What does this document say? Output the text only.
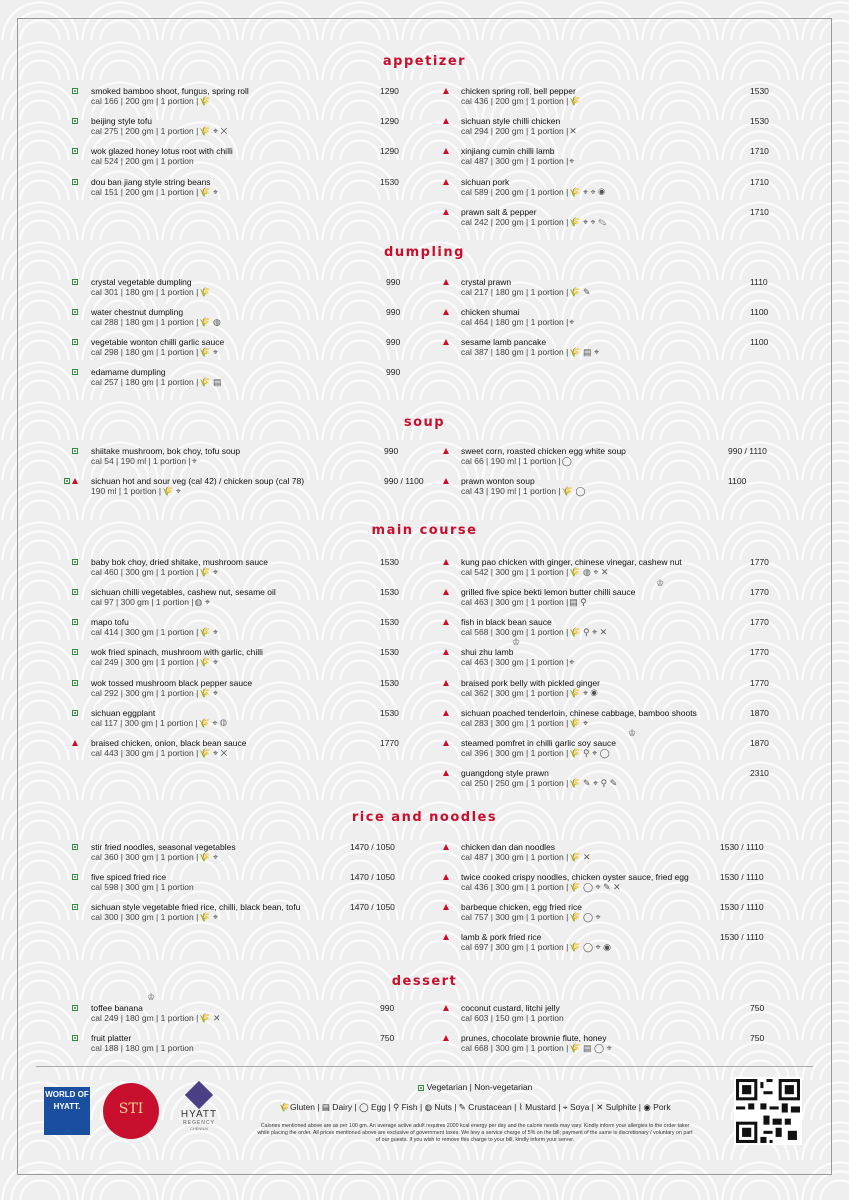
appetizer
dumpling
soup
main course
rice and noodles
dessert
smoked bamboo shoot, fungus, spring roll
cal 166 | 200 gm | 1 portion |🌾
1290
beijing style tofu
cal 275 | 200 gm | 1 portion |🌾 ⌖ ✕
1290
wok glazed honey lotus root with chilli
cal 524 | 200 gm | 1 portion
1290
dou ban jiang style string beans
cal 151 | 200 gm | 1 portion |🌾 ⌖
1530
chicken spring roll, bell pepper
cal 436 | 200 gm | 1 portion |🌾
1530
sichuan style chilli chicken
cal 294 | 200 gm | 1 portion |✕
1530
xinjiang cumin chilli lamb
cal 487 | 300 gm | 1 portion |⌖
1710
sichuan pork
cal 589 | 200 gm | 1 portion |🌾 ⌖ ⌖ ◉
1710
prawn salt & pepper
cal 242 | 200 gm | 1 portion |🌾 ⌖ ⌖ ✎
1710
crystal vegetable dumpling
cal 301 | 180 gm | 1 portion |🌾
990
water chestnut dumpling
cal 288 | 180 gm | 1 portion |🌾 ◍
990
vegetable wonton chilli garlic sauce
cal 298 | 180 gm | 1 portion |🌾 ⌖
990
edamame dumpling
cal 257 | 180 gm | 1 portion |🌾 ▤
990
crystal prawn
cal 217 | 180 gm | 1 portion |🌾 ✎
1110
chicken shumai
cal 464 | 180 gm | 1 portion |⌖
1100
sesame lamb pancake
cal 387 | 180 gm | 1 portion |🌾 ▤ ⌖
1100
shiitake mushroom, bok choy, tofu soup
cal 54 | 190 ml | 1 portion |⌖
990
sichuan hot and sour veg (cal 42) / chicken soup (cal 78)
190 ml | 1 portion |🌾 ⌖
990 / 1100
sweet corn, roasted chicken egg white soup
cal 66 | 190 ml | 1 portion |◯
990 / 1110
prawn wonton soup
cal 43 | 190 ml | 1 portion |🌾 ◯
1100
baby bok choy, dried shitake, mushroom sauce
cal 460 | 300 gm | 1 portion |🌾 ⌖
1530
sichuan chilli vegetables, cashew nut, sesame oil
cal 97 | 300 gm | 1 portion |◍ ⌖
1530
mapo tofu
cal 414 | 300 gm | 1 portion |🌾 ⌖
1530
wok fried spinach, mushroom with garlic, chilli
cal 249 | 300 gm | 1 portion |🌾 ⌖
1530
wok tossed mushroom black pepper sauce
cal 292 | 300 gm | 1 portion |🌾 ⌖
1530
sichuan eggplant
cal 117 | 300 gm | 1 portion |🌾 ⌖ ◍
1530
braised chicken, onion, black bean sauce
cal 443 | 300 gm | 1 portion |🌾 ⌖ ✕
1770
kung pao chicken with ginger, chinese vinegar, cashew nut
cal 542 | 300 gm | 1 portion |🌾 ◍ ⌖ ✕
1770
grilled five spice bekti lemon butter chilli sauce
cal 463 | 300 gm | 1 portion |▤ ⚲
1770
fish in black bean sauce
cal 568 | 300 gm | 1 portion |🌾 ⚲ ⌖ ✕
1770
shui zhu lamb
cal 463 | 300 gm | 1 portion |⌖
1770
braised pork belly with pickled ginger
cal 362 | 300 gm | 1 portion |🌾 ⌖ ◉
1770
sichuan poached tenderloin, chinese cabbage, bamboo shoots
cal 283 | 300 gm | 1 portion |🌾 ⌖
1870
steamed pomfret in chilli garlic soy sauce
cal 396 | 300 gm | 1 portion |🌾 ⚲ ⌖ ◯
1870
guangdong style prawn
cal 250 | 250 gm | 1 portion |🌾 ✎ ⌖ ⚲ ✎
2310
stir fried noodles, seasonal vegetables
cal 360 | 300 gm | 1 portion |🌾 ⌖
1470 / 1050
five spiced fried rice
cal 598 | 300 gm | 1 portion
1470 / 1050
sichuan style vegetable fried rice, chilli, black bean, tofu
cal 300 | 300 gm | 1 portion |🌾 ⌖
1470 / 1050
chicken dan dan noodles
cal 487 | 300 gm | 1 portion |🌾 ✕
1530 / 1110
twice cooked crispy noodles, chicken oyster sauce, fried egg
cal 436 | 300 gm | 1 portion |🌾 ◯ ⌖ ✎ ✕
1530 / 1110
barbeque chicken, egg fried rice
cal 757 | 300 gm | 1 portion |🌾 ◯ ⌖
1530 / 1110
lamb & pork fried rice
cal 697 | 300 gm | 1 portion |🌾 ◯ ⌖ ◉
1530 / 1110
toffee banana
cal 249 | 180 gm | 1 portion |🌾 ✕
990
fruit platter
cal 188 | 180 gm | 1 portion
750
coconut custard, litchi jelly
cal 603 | 150 gm | 1 portion
750
prunes, chocolate brownie flute, honey
cal 668 | 300 gm | 1 portion |🌾 ▤ ◯ ⌖
750
♔
♔
♔
♔
WORLD OF HYATT.	STI	HYATT
REGENCY
CHENNAI
Vegetarian | Non-vegetarian
🌾Gluten | ▤ Dairy | ◯ Egg | ⚲ Fish | ◍ Nuts | ✎ Crustacean | ⌇ Mustard | ⌖ Soya | ✕ Sulphite | ◉ Pork
Calories mentioned above are as per 100 gm. An average active adult requires 2000 kcal energy per day and the calorie needs may vary. Kindly inform your allergies to the order taker while placing the order. All prices mentioned above are exclusive of government taxes. We levy a service charge of 5% on the bill; payment of the same is discretionary / voluntary on part of our guests. If you wish to remove this charge to your bill, kindly inform your server.
